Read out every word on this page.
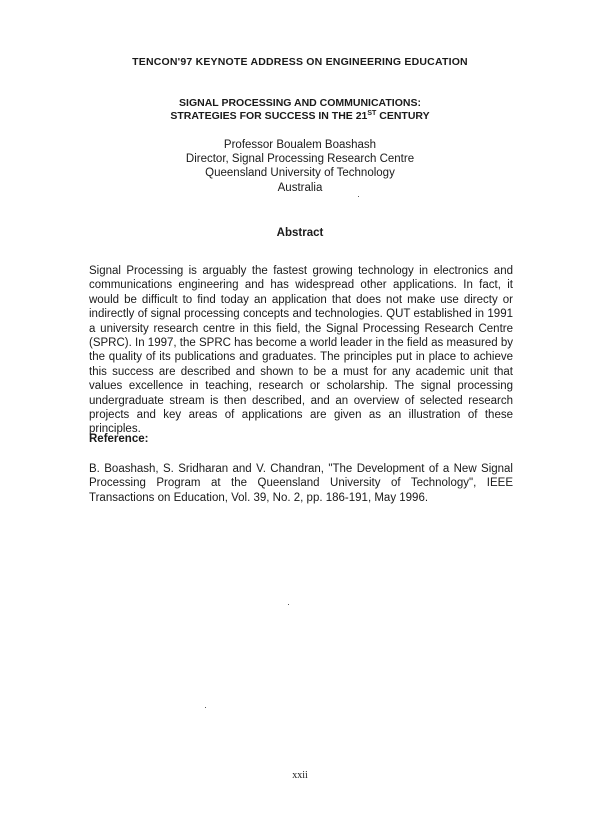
TENCON'97 KEYNOTE ADDRESS ON ENGINEERING EDUCATION
SIGNAL PROCESSING AND COMMUNICATIONS:
STRATEGIES FOR SUCCESS IN THE 21ST CENTURY
Professor Boualem Boashash
Director, Signal Processing Research Centre
Queensland University of Technology
Australia
Abstract
Signal Processing is arguably the fastest growing technology in electronics and communications engineering and has widespread other applications. In fact, it would be difficult to find today an application that does not make use directy or indirectly of signal processing concepts and technologies. QUT established in 1991 a university research centre in this field, the Signal Processing Research Centre (SPRC). In 1997, the SPRC has become a world leader in the field as measured by the quality of its publications and graduates. The principles put in place to achieve this success are described and shown to be a must for any academic unit that values excellence in teaching, research or scholarship. The signal processing undergraduate stream is then described, and an overview of selected research projects and key areas of applications are given as an illustration of these principles.
Reference:
B. Boashash, S. Sridharan and V. Chandran, "The Development of a New Signal Processing Program at the Queensland University of Technology", IEEE Transactions on Education, Vol. 39, No. 2, pp. 186-191, May 1996.
xxii
